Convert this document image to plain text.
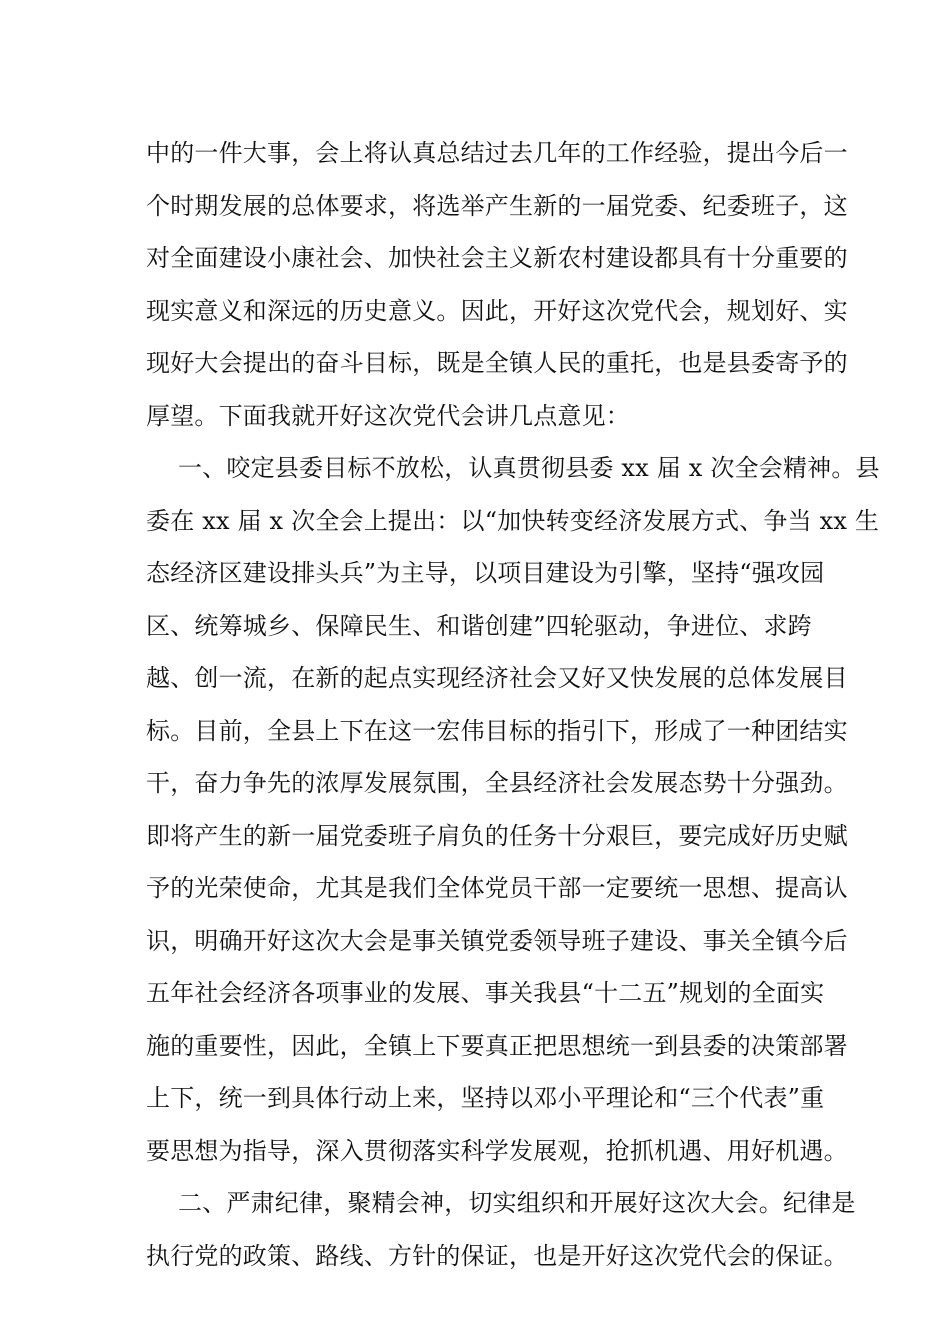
中的一件大事，会上将认真总结过去几年的工作经验，提出今后一
个时期发展的总体要求，将选举产生新的一届党委、纪委班子，这
对全面建设小康社会、加快社会主义新农村建设都具有十分重要的
现实意义和深远的历史意义。因此，开好这次党代会，规划好、实
现好大会提出的奋斗目标，既是全镇人民的重托，也是县委寄予的
厚望。下面我就开好这次党代会讲几点意见：
一、咬定县委目标不放松，认真贯彻县委 xx 届 x 次全会精神。县
委在 xx 届 x 次全会上提出：以“加快转变经济发展方式、争当 xx 生
态经济区建设排头兵”为主导，以项目建设为引擎，坚持“强攻园
区、统筹城乡、保障民生、和谐创建”四轮驱动，争进位、求跨
越、创一流，在新的起点实现经济社会又好又快发展的总体发展目
标。目前，全县上下在这一宏伟目标的指引下，形成了一种团结实
干，奋力争先的浓厚发展氛围，全县经济社会发展态势十分强劲。
即将产生的新一届党委班子肩负的任务十分艰巨，要完成好历史赋
予的光荣使命，尤其是我们全体党员干部一定要统一思想、提高认
识，明确开好这次大会是事关镇党委领导班子建设、事关全镇今后
五年社会经济各项事业的发展、事关我县“十二五”规划的全面实
施的重要性，因此，全镇上下要真正把思想统一到县委的决策部署
上下，统一到具体行动上来，坚持以邓小平理论和“三个代表”重
要思想为指导，深入贯彻落实科学发展观，抢抓机遇、用好机遇。
二、严肃纪律，聚精会神，切实组织和开展好这次大会。纪律是
执行党的政策、路线、方针的保证，也是开好这次党代会的保证。
